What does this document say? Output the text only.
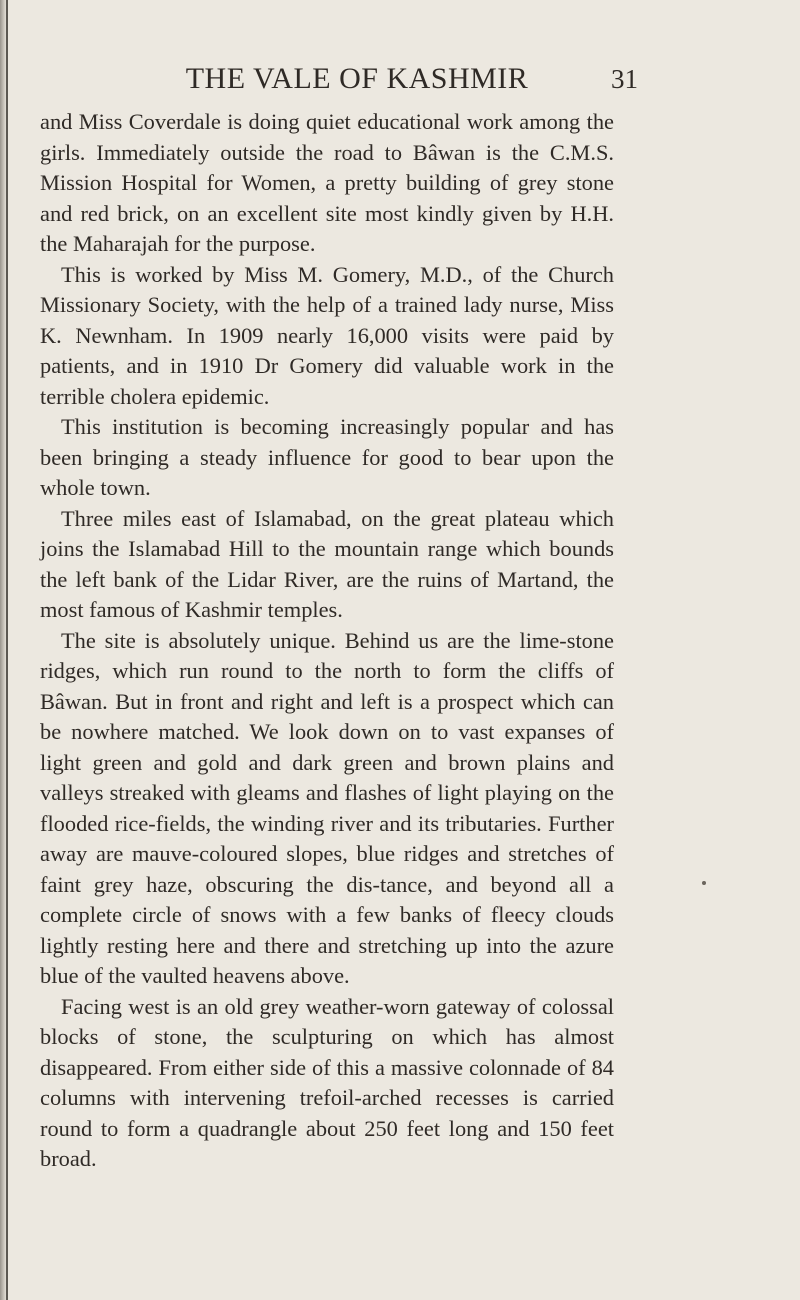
THE VALE OF KASHMIR	31

and Miss Coverdale is doing quiet educational work among the girls. Immediately outside the road to Bâwan is the C.M.S. Mission Hospital for Women, a pretty building of grey stone and red brick, on an excellent site most kindly given by H.H. the Maharajah for the purpose.

This is worked by Miss M. Gomery, M.D., of the Church Missionary Society, with the help of a trained lady nurse, Miss K. Newnham. In 1909 nearly 16,000 visits were paid by patients, and in 1910 Dr Gomery did valuable work in the terrible cholera epidemic.

This institution is becoming increasingly popular and has been bringing a steady influence for good to bear upon the whole town.

Three miles east of Islamabad, on the great plateau which joins the Islamabad Hill to the mountain range which bounds the left bank of the Lidar River, are the ruins of Martand, the most famous of Kashmir temples.

The site is absolutely unique. Behind us are the lime-stone ridges, which run round to the north to form the cliffs of Bâwan. But in front and right and left is a prospect which can be nowhere matched. We look down on to vast expanses of light green and gold and dark green and brown plains and valleys streaked with gleams and flashes of light playing on the flooded rice-fields, the winding river and its tributaries. Further away are mauve-coloured slopes, blue ridges and stretches of faint grey haze, obscuring the dis-tance, and beyond all a complete circle of snows with a few banks of fleecy clouds lightly resting here and there and stretching up into the azure blue of the vaulted heavens above.

Facing west is an old grey weather-worn gateway of colossal blocks of stone, the sculpturing on which has almost disappeared. From either side of this a massive colonnade of 84 columns with intervening trefoil-arched recesses is carried round to form a quadrangle about 250 feet long and 150 feet broad.
